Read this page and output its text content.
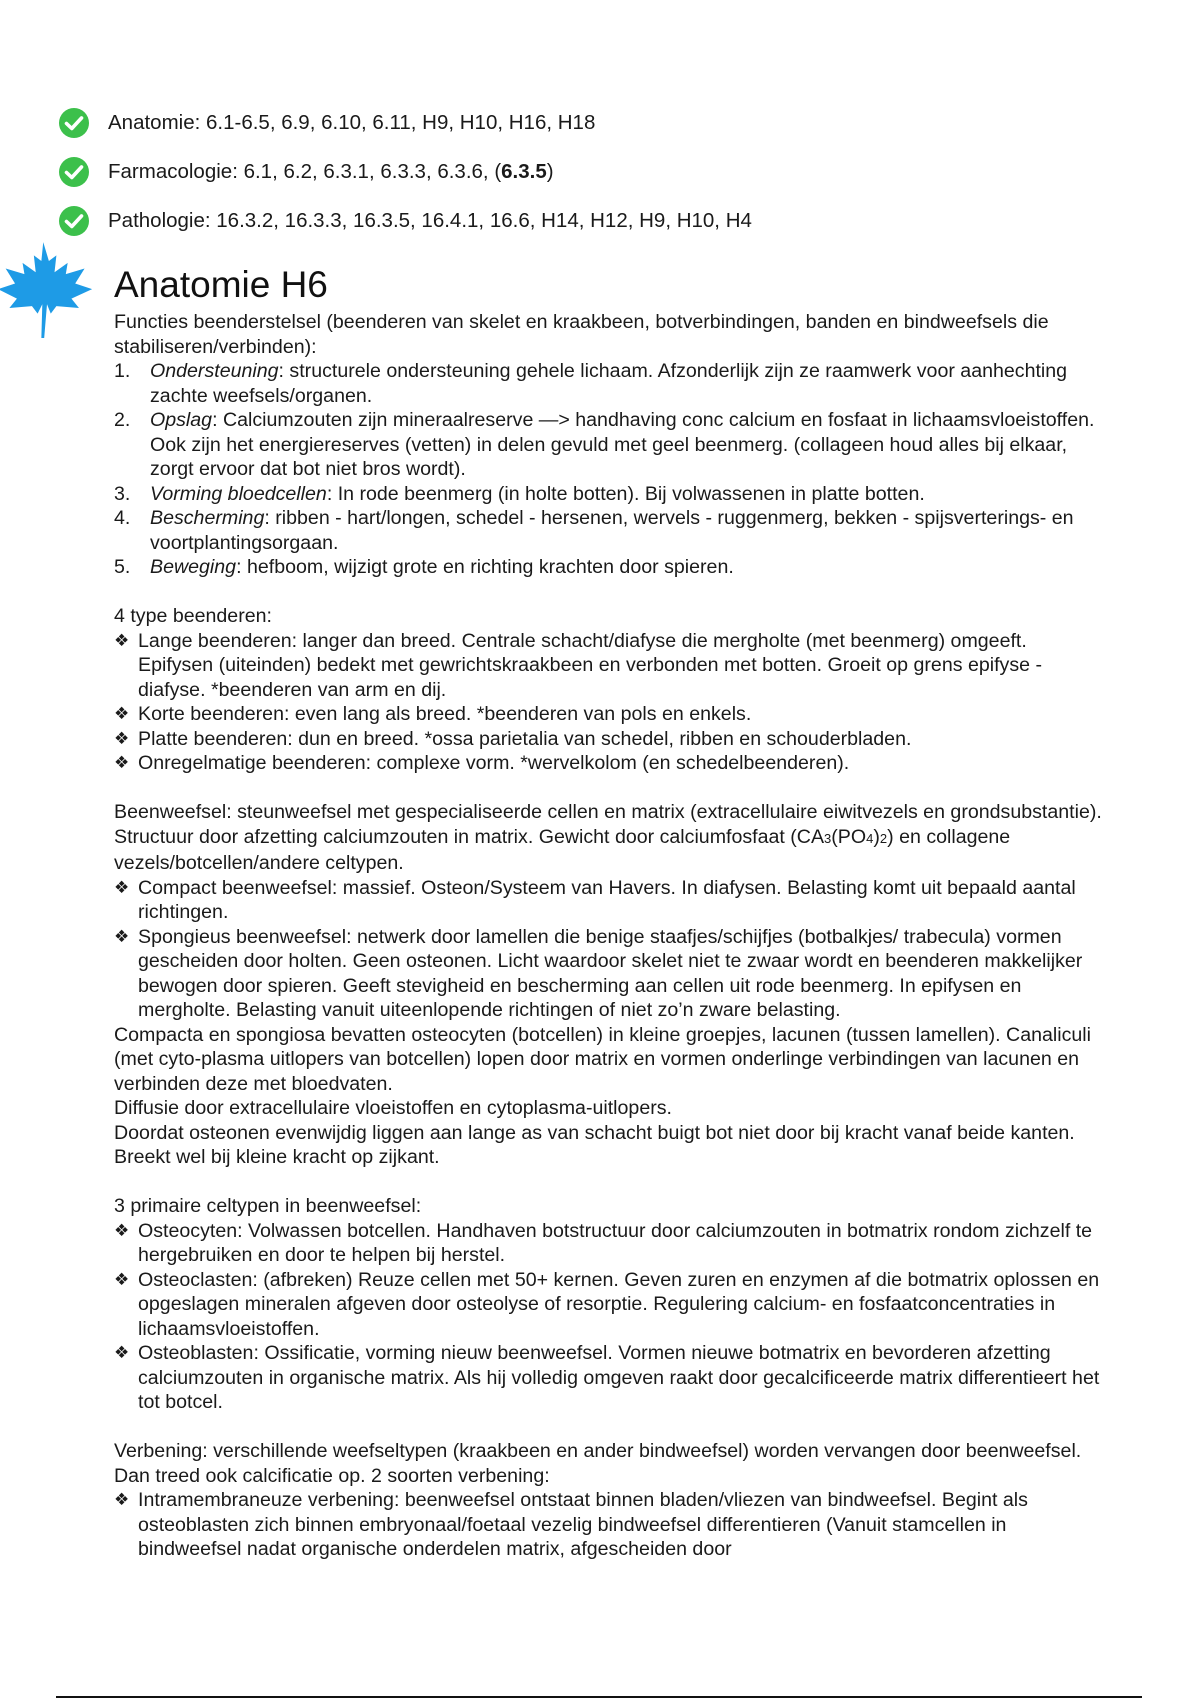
Anatomie: 6.1-6.5, 6.9, 6.10, 6.11, H9, H10, H16, H18
Farmacologie: 6.1, 6.2, 6.3.1, 6.3.3, 6.3.6, (6.3.5)
Pathologie: 16.3.2, 16.3.3, 16.3.5, 16.4.1, 16.6, H14, H12, H9, H10, H4
Anatomie H6

Functies beenderstelsel (beenderen van skelet en kraakbeen, botverbindingen, banden en bindweefsels die stabiliseren/verbinden):

1. Ondersteuning: structurele ondersteuning gehele lichaam. Afzonderlijk zijn ze raamwerk voor aanhechting zachte weefsels/organen.
2. Opslag: Calciumzouten zijn mineraalreserve —> handhaving conc calcium en fosfaat in lichaamsvloeistoffen. Ook zijn het energiereserves (vetten) in delen gevuld met geel beenmerg. (collageen houd alles bij elkaar, zorgt ervoor dat bot niet bros wordt).
3. Vorming bloedcellen: In rode beenmerg (in holte botten). Bij volwassenen in platte botten.
4. Bescherming: ribben - hart/longen, schedel - hersenen, wervels - ruggenmerg, bekken - spijsverterings- en voortplantingsorgaan.
5. Beweging: hefboom, wijzigt grote en richting krachten door spieren.

4 type beenderen:

❖ Lange beenderen: langer dan breed. Centrale schacht/diafyse die mergholte (met beenmerg) omgeeft. Epifysen (uiteinden) bedekt met gewrichtskraakbeen en verbonden met botten. Groeit op grens epifyse - diafyse. *beenderen van arm en dij.
❖ Korte beenderen: even lang als breed. *beenderen van pols en enkels.
❖ Platte beenderen: dun en breed. *ossa parietalia van schedel, ribben en schouderbladen.
❖ Onregelmatige beenderen: complexe vorm. *wervelkolom (en schedelbeenderen).

Beenweefsel: steunweefsel met gespecialiseerde cellen en matrix (extracellulaire eiwitvezels en grondsubstantie). Structuur door afzetting calciumzouten in matrix. Gewicht door calciumfosfaat (CA3(PO4)2) en collagene vezels/botcellen/andere celtypen.

❖ Compact beenweefsel: massief. Osteon/Systeem van Havers. In diafysen. Belasting komt uit bepaald aantal richtingen.
❖ Spongieus beenweefsel: netwerk door lamellen die benige staafjes/schijfjes (botbalkjes/ trabecula) vormen gescheiden door holten. Geen osteonen. Licht waardoor skelet niet te zwaar wordt en beenderen makkelijker bewogen door spieren. Geeft stevigheid en bescherming aan cellen uit rode beenmerg. In epifysen en mergholte. Belasting vanuit uiteenlopende richtingen of niet zo’n zware belasting.

Compacta en spongiosa bevatten osteocyten (botcellen) in kleine groepjes, lacunen (tussen lamellen). Canaliculi (met cyto-plasma uitlopers van botcellen) lopen door matrix en vormen onderlinge verbindingen van lacunen en verbinden deze met bloedvaten.

Diffusie door extracellulaire vloeistoffen en cytoplasma-uitlopers.

Doordat osteonen evenwijdig liggen aan lange as van schacht buigt bot niet door bij kracht vanaf beide kanten. Breekt wel bij kleine kracht op zijkant.

3 primaire celtypen in beenweefsel:

❖ Osteocyten: Volwassen botcellen. Handhaven botstructuur door calciumzouten in botmatrix rondom zichzelf te hergebruiken en door te helpen bij herstel.
❖ Osteoclasten: (afbreken) Reuze cellen met 50+ kernen. Geven zuren en enzymen af die botmatrix oplossen en opgeslagen mineralen afgeven door osteolyse of resorptie. Regulering calcium- en fosfaatconcentraties in lichaamsvloeistoffen.
❖ Osteoblasten: Ossificatie, vorming nieuw beenweefsel. Vormen nieuwe botmatrix en bevorderen afzetting calciumzouten in organische matrix. Als hij volledig omgeven raakt door gecalcificeerde matrix differentieert het tot botcel.

Verbening: verschillende weefseltypen (kraakbeen en ander bindweefsel) worden vervangen door beenweefsel. Dan treed ook calcificatie op. 2 soorten verbening:

❖ Intramembraneuze verbening: beenweefsel ontstaat binnen bladen/vliezen van bindweefsel. Begint als osteoblasten zich binnen embryonaal/foetaal vezelig bindweefsel differentieren (Vanuit stamcellen in bindweefsel nadat organische onderdelen matrix, afgescheiden door
